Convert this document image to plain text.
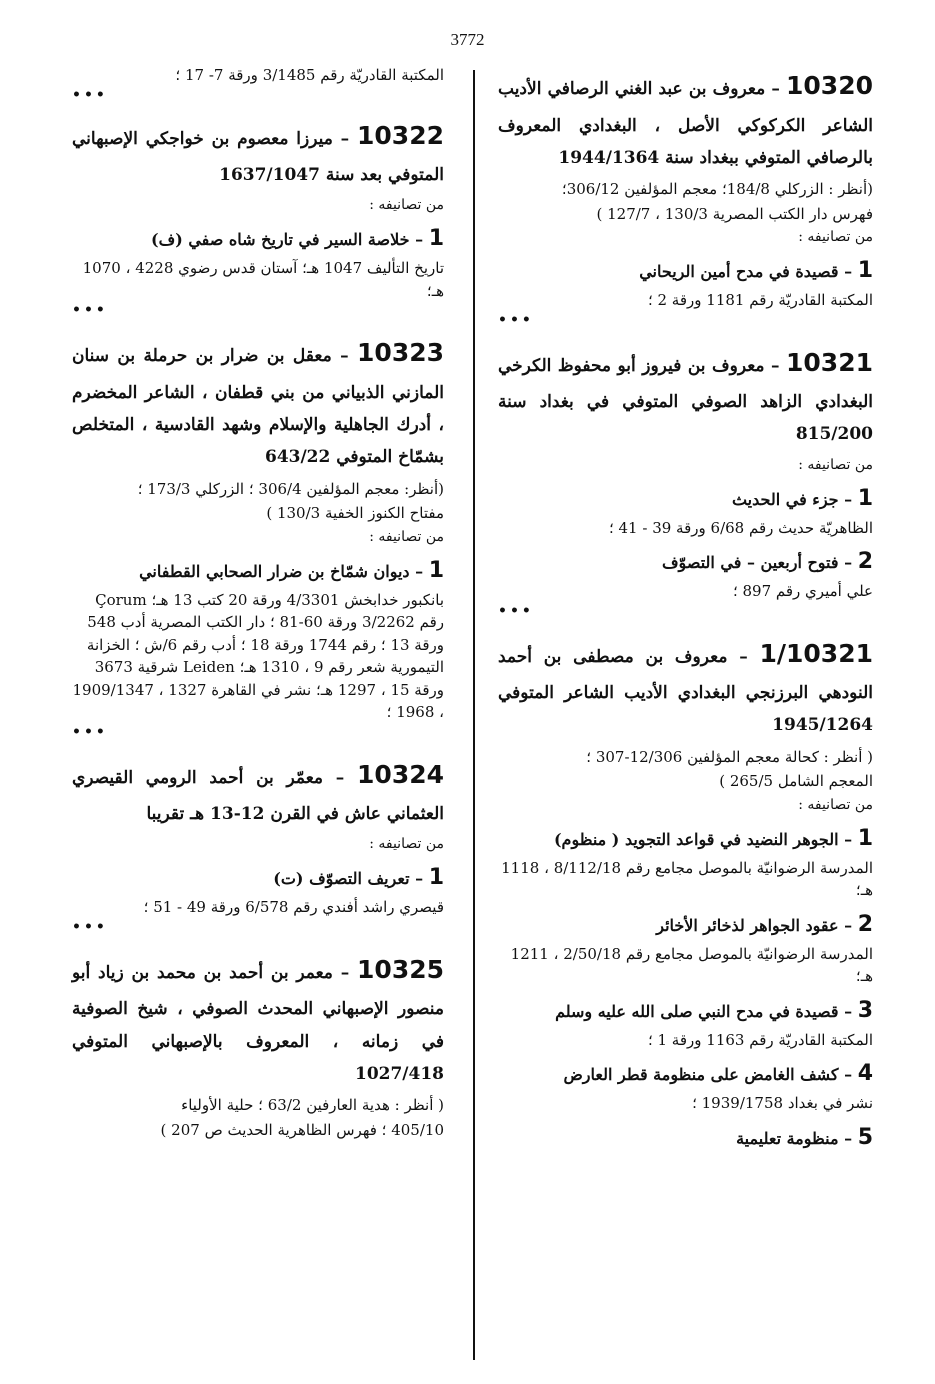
3772

10320 – معروف بن عبد الغني الرصافي الأديب الشاعر الكركوكي الأصل ، البغدادي المعروف بالرصافي المتوفي ببغداد سنة 1944/1364

(أنظر : الزركلي 184/8؛ معجم المؤلفين 306/12؛
فهرس دار الكتب المصرية 130/3 ، 127/7 )
من تصانيفه :
1 – قصيدة في مدح أمين الريحاني
المكتبة القادريّة رقم 1181 ورقة 2 ؛
•••

10321 – معروف بن فيروز أبو محفوظ الكرخي البغدادي الزاهد الصوفي المتوفي في بغداد سنة 815/200

من تصانيفه :
1 – جزء في الحديث
الظاهريّة حديث رقم 6/68 ورقة 39 - 41 ؛
2 – فتوح أربعين – في التصوّف
علي أميري رقم 897 ؛
•••

1/10321 – معروف بن مصطفى بن أحمد النودهي البرزنجي البغدادي الأديب الشاعر المتوفي 1945/1264

( أنظر : كحالة معجم المؤلفين 12/306-307 ؛
المعجم الشامل 265/5 )
من تصانيفه :
1 – الجوهر النضيد في قواعد التجويد ( منظوم)
المدرسة الرضوانيّة بالموصل مجامع رقم 8/112/18 ، 1118 هـ؛
2 – عقود الجواهر لذخائر الأخائر
المدرسة الرضوانيّة بالموصل مجامع رقم 2/50/18 ، 1211 هـ؛
3 – قصيدة في مدح النبي صلى الله عليه وسلم
المكتبة القادريّة رقم 1163 ورقة 1 ؛
4 – كشف الغامض على منظومة قطر العارض
نشر في بغداد 1939/1758 ؛
5 – منظومة تعليمية
المكتبة القادريّة رقم 3/1485 ورقة 7- 17 ؛
•••

10322 – ميرزا معصوم بن خواجكي الإصبهاني المتوفي بعد سنة 1637/1047

من تصانيفه :
1 – خلاصة السير في تاريخ شاه صفي (ف)
تاريخ التأليف 1047 هـ؛ آستان قدس رضوي 4228 ، 1070 هـ؛
•••

10323 – معقل بن ضرار بن حرملة بن سنان المازني الذبياني من بني قطفان ، الشاعر المخضرم ، أدرك الجاهلية والإسلام وشهد القادسية ، المتخلص بشمّاخ المتوفي 643/22

(أنظر: معجم المؤلفين 306/4 ؛ الزركلي 173/3 ؛
مفتاح الكنوز الخفية 130/3 )
من تصانيفه :
1 – ديوان شمّاخ بن ضرار الصحابي القطفاني
بانكبور خدابخش 4/3301 ورقة 20 كتب 13 هـ؛ Çorum رقم 3/2262 ورقة 60-81 ؛ دار الكتب المصرية أدب 548 ورقة 13 ؛ رقم 1744 ورقة 18 ؛ أدب رقم 6/ش ؛ الخزانة التيمورية شعر رقم 9 ، 1310 هـ؛ Leiden شرقية 3673 ورقة 15 ، 1297 هـ؛ نشر في القاهرة 1327 ، 1909/1347 ، 1968 ؛
•••

10324 – معمّر بن أحمد الرومي القيصري العثماني عاش في القرن 12-13 هـ تقريبا

من تصانيفه :
1 – تعريف التصوّف (ت)
قيصري راشد أفندي رقم 6/578 ورقة 49 - 51 ؛
•••

10325 – معمر بن أحمد بن محمد بن زياد أبو منصور الإصبهاني المحدث الصوفي ، شيخ الصوفية في زمانه ، المعروف بالإصبهاني المتوفي 1027/418

( أنظر : هدية العارفين 63/2 ؛ حلية الأولياء
405/10 ؛ فهرس الظاهرية الحديث ص 207 )
